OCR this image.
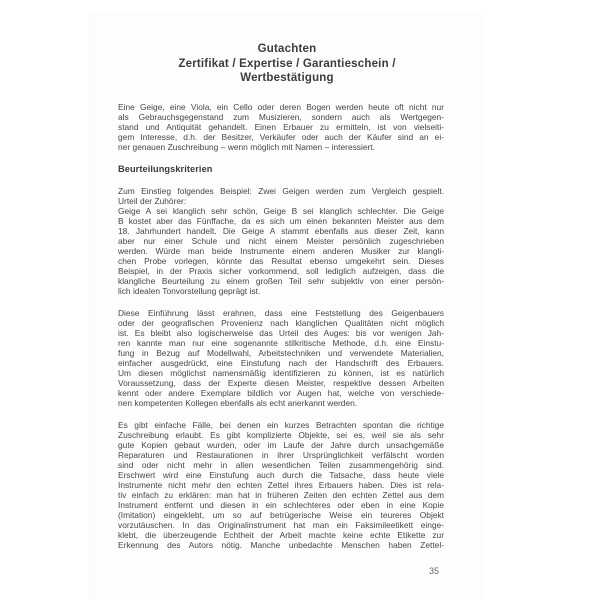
Gutachten
Zertifikat / Expertise / Garantieschein /
Wertbestätigung
Eine Geige, eine Viola, ein Cello oder deren Bogen werden heute oft nicht nur
als Gebrauchsgegenstand zum Musizieren, sondern auch als Wertgegen-
stand und Antiquität gehandelt. Einen Erbauer zu ermitteln, ist von vielseiti-
gem Interesse, d.h. der Besitzer, Verkäufer oder auch der Käufer sind an ei-
ner genauen Zuschreibung – wenn möglich mit Namen – interessiert.
Beurteilungskriterien
Zum Einstieg folgendes Beispiel: Zwei Geigen werden zum Vergleich gespielt.
Urteil der Zuhörer:
Geige A sei klanglich sehr schön, Geige B sei klanglich schlechter. Die Geige
B kostet aber das Fünffache, da es sich um einen bekannten Meister aus dem
18. Jahrhundert handelt. Die Geige A stammt ebenfalls aus dieser Zeit, kann
aber nur einer Schule und nicht einem Meister persönlich zugeschrieben
werden. Würde man beide Instrumente einem anderen Musiker zur klangli-
chen Probe vorlegen, könnte das Resultat ebenso umgekehrt sein. Dieses
Beispiel, in der Praxis sicher vorkommend, soll lediglich aufzeigen, dass die
klangliche Beurteilung zu einem großen Teil sehr subjektiv von einer persön-
lich idealen Tonvorstellung geprägt ist.
Diese Einführung lässt erahnen, dass eine Feststellung des Geigenbauers
oder der geografischen Provenienz nach klanglichen Qualitäten nicht möglich
ist. Es bleibt also logischerweise das Urteil des Auges: bis vor wenigen Jah-
ren kannte man nur eine sogenannte stilkritische Methode, d.h. eine Einstu-
fung in Bezug auf Modellwahl, Arbeitstechniken und verwendete Materialien,
einfacher ausgedrückt, eine Einstufung nach der Handschrift des Erbauers.
Um diesen möglichst namensmäßig identifizieren zu können, ist es natürlich
Voraussetzung, dass der Experte diesen Meister, respektive dessen Arbeiten
kennt oder andere Exemplare bildlich vor Augen hat, welche von verschiede-
nen kompetenten Kollegen ebenfalls als echt anerkannt werden.
Es gibt einfache Fälle, bei denen ein kurzes Betrachten spontan die richtige
Zuschreibung erlaubt. Es gibt komplizierte Objekte, sei es, weil sie als sehr
gute Kopien gebaut wurden, oder im Laufe der Jahre durch unsachgemäße
Reparaturen und Restaurationen in ihrer Ursprünglichkeit verfälscht worden
sind oder nicht mehr in allen wesentlichen Teilen zusammengehörig sind.
Erschwert wird eine Einstufung auch durch die Tatsache, dass heute viele
Instrumente nicht mehr den echten Zettel ihres Erbauers haben. Dies ist rela-
tiv einfach zu erklären: man hat in früheren Zeiten den echten Zettel aus dem
Instrument entfernt und diesen in ein schlechteres oder eben in eine Kopie
(Imitation) eingeklebt, um so auf betrügerische Weise ein teureres Objekt
vorzutäuschen. In das Originalinstrument hat man ein Faksimileetikett einge-
klebt, die überzeugende Echtheit der Arbeit machte keine echte Etikette zur
Erkennung des Autors nötig. Manche unbedachte Menschen haben Zettel-
35
